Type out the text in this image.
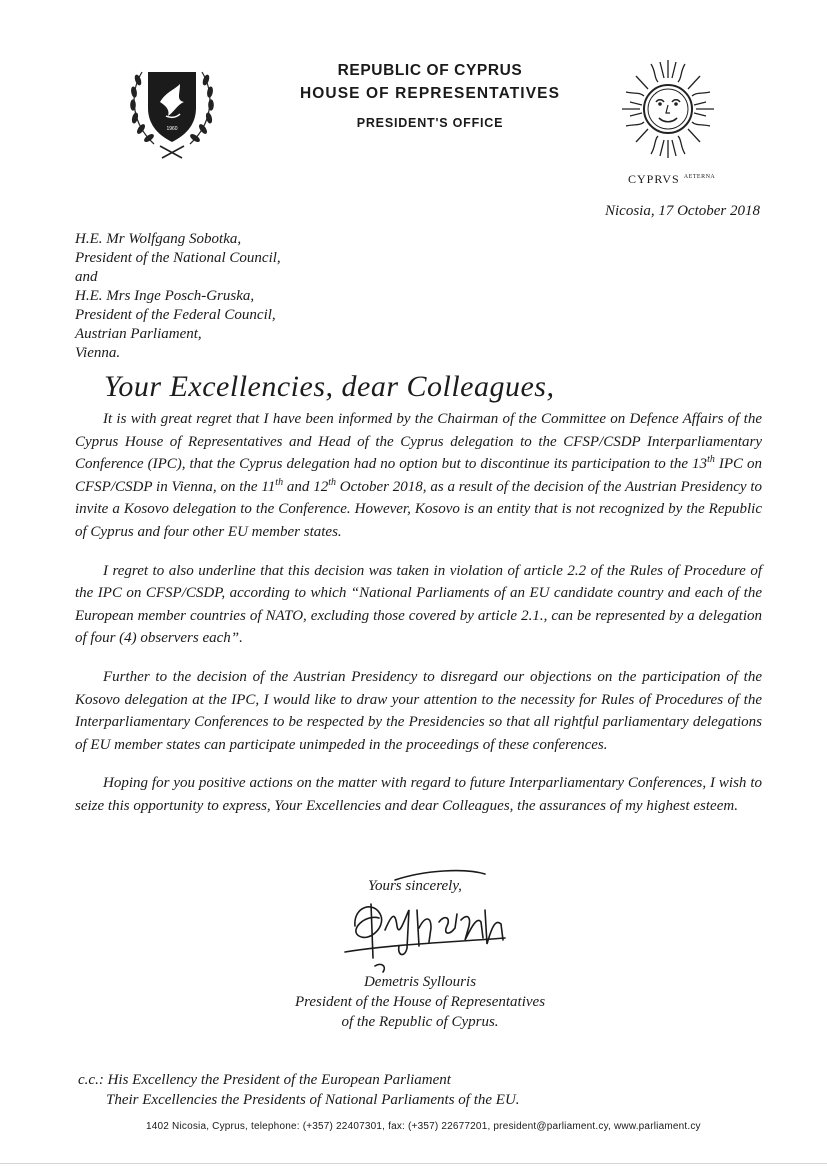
1960
REPUBLIC OF CYPRUS
HOUSE OF REPRESENTATIVES
PRESIDENT'S OFFICE
CYPRVS $^{AETERNA}$
Nicosia, 17 October 2018
H.E. Mr Wolfgang Sobotka,
President of the National Council,
and
H.E. Mrs Inge Posch-Gruska,
President of the Federal Council,
Austrian Parliament,
Vienna.
Your Excellencies, dear Colleagues,

It is with great regret that I have been informed by the Chairman of the Committee on Defence Affairs of the Cyprus House of Representatives and Head of the Cyprus delegation to the CFSP/CSDP Interparliamentary Conference (IPC), that the Cyprus delegation had no option but to discontinue its participation to the 13th IPC on CFSP/CSDP in Vienna, on the 11th and 12th October 2018, as a result of the decision of the Austrian Presidency to invite a Kosovo delegation to the Conference. However, Kosovo is an entity that is not recognized by the Republic of Cyprus and four other EU member states.

I regret to also underline that this decision was taken in violation of article 2.2 of the Rules of Procedure of the IPC on CFSP/CSDP, according to which “National Parliaments of an EU candidate country and each of the European member countries of NATO, excluding those covered by article 2.1., can be represented by a delegation of four (4) observers each”.

Further to the decision of the Austrian Presidency to disregard our objections on the participation of the Kosovo delegation at the IPC, I would like to draw your attention to the necessity for Rules of Procedures of the Interparliamentary Conferences to be respected by the Presidencies so that all rightful parliamentary delegations of EU member states can participate unimpeded in the proceedings of these conferences.

Hoping for you positive actions on the matter with regard to future Interparliamentary Conferences, I wish to seize this opportunity to express, Your Excellencies and dear Colleagues, the assurances of my highest esteem.

Yours sincerely,
Demetris Syllouris
President of the House of Representatives
of the Republic of Cyprus.
c.c.: His Excellency the President of the European Parliament
Their Excellencies the Presidents of National Parliaments of the EU.
1402 Nicosia, Cyprus, telephone: (+357) 22407301, fax: (+357) 22677201, president@parliament.cy, www.parliament.cy
